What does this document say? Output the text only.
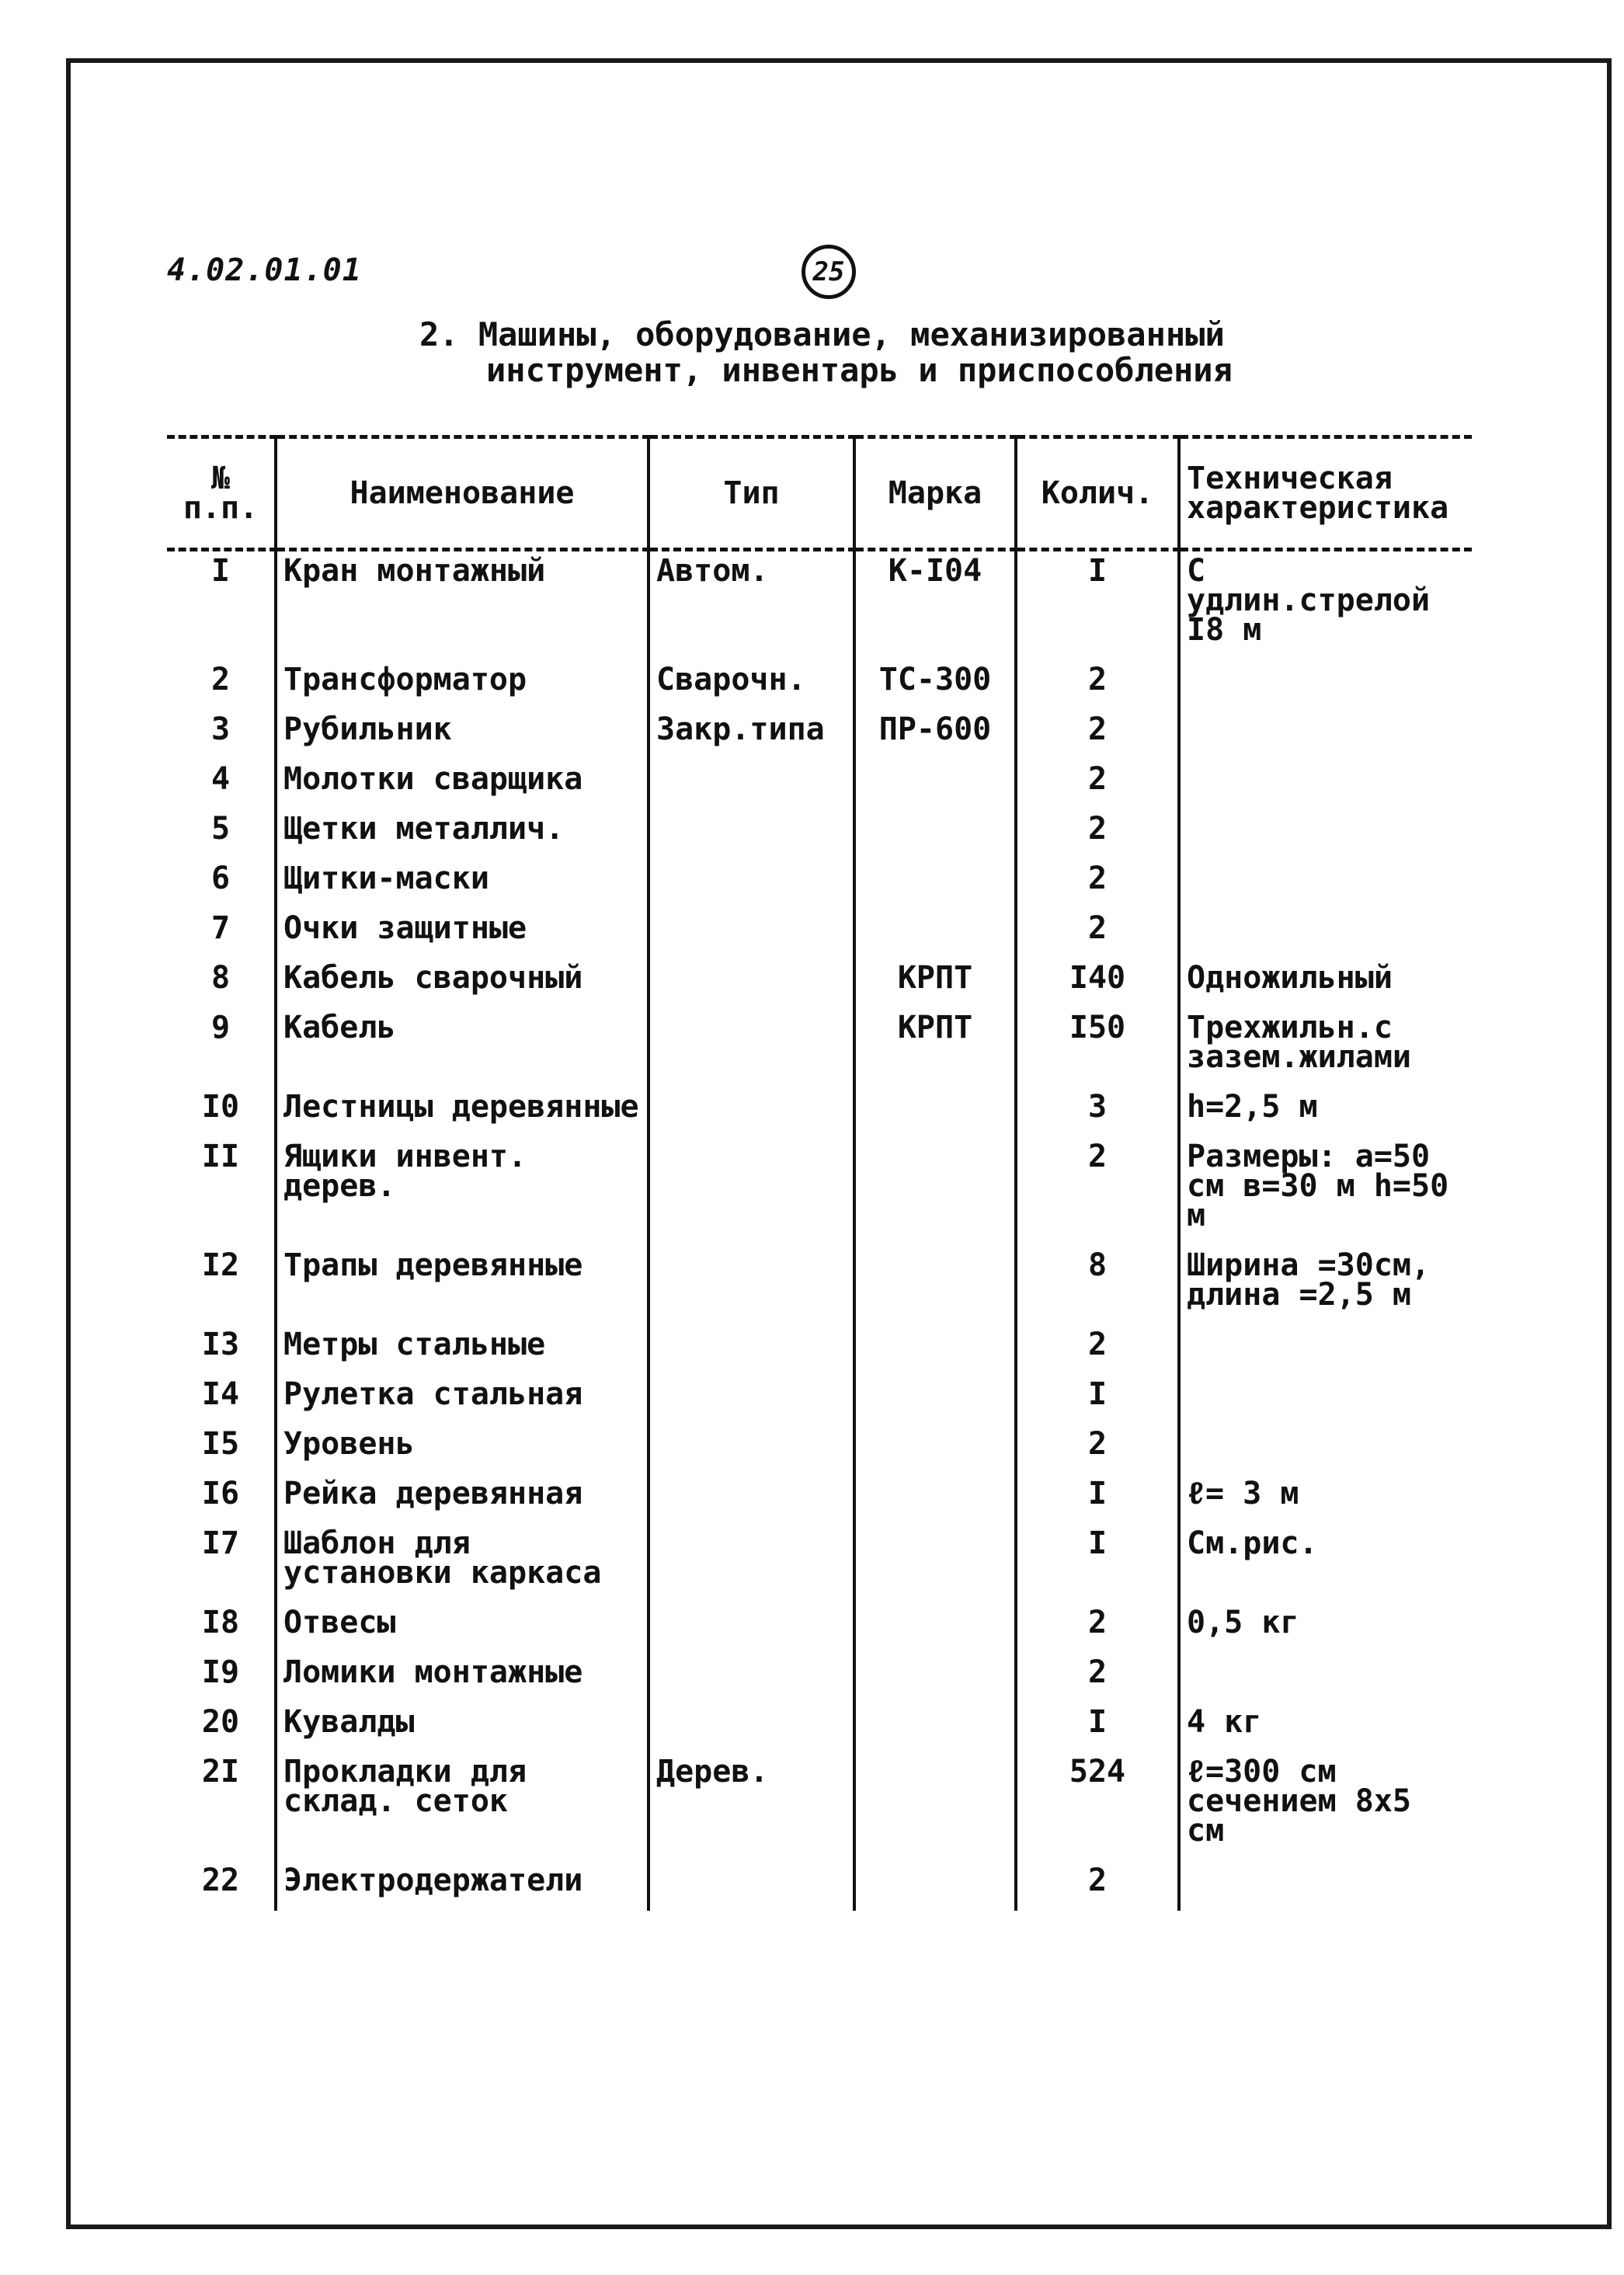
4.02.01.01	25
2. Машины, оборудование, механизированный
инструмент, инвентарь и приспособления
№ п.п.	Наименование	Тип	Марка	Колич.	Техническая характеристика
I	Кран монтажный	Автом.	К-I04	I	С удлин.стрелой I8 м
2	Трансформатор	Сварочн.	ТС-300	2	
3	Рубильник	Закр.типа	ПР-600	2	
4	Молотки сварщика			2	
5	Щетки металлич.			2	
6	Щитки-маски			2	
7	Очки защитные			2	
8	Кабель сварочный		КРПТ	I40	Одножильный
9	Кабель		КРПТ	I50	Трехжильн.с зазем.жилами
I0	Лестницы деревянные			3	h=2,5 м
II	Ящики инвент. дерев.			2	Размеры: а=50 см в=30 м h=50 м
I2	Трапы деревянные			8	Ширина =30см, длина =2,5 м
I3	Метры стальные			2	
I4	Рулетка стальная			I	
I5	Уровень			2	
I6	Рейка деревянная			I	ℓ= 3 м
I7	Шаблон для установки каркаса			I	См.рис.
I8	Отвесы			2	0,5 кг
I9	Ломики монтажные			2	
20	Кувалды			I	4 кг
2I	Прокладки для склад. сеток	Дерев.		524	ℓ=300 см сечением 8х5 см
22	Электродержатели			2	
